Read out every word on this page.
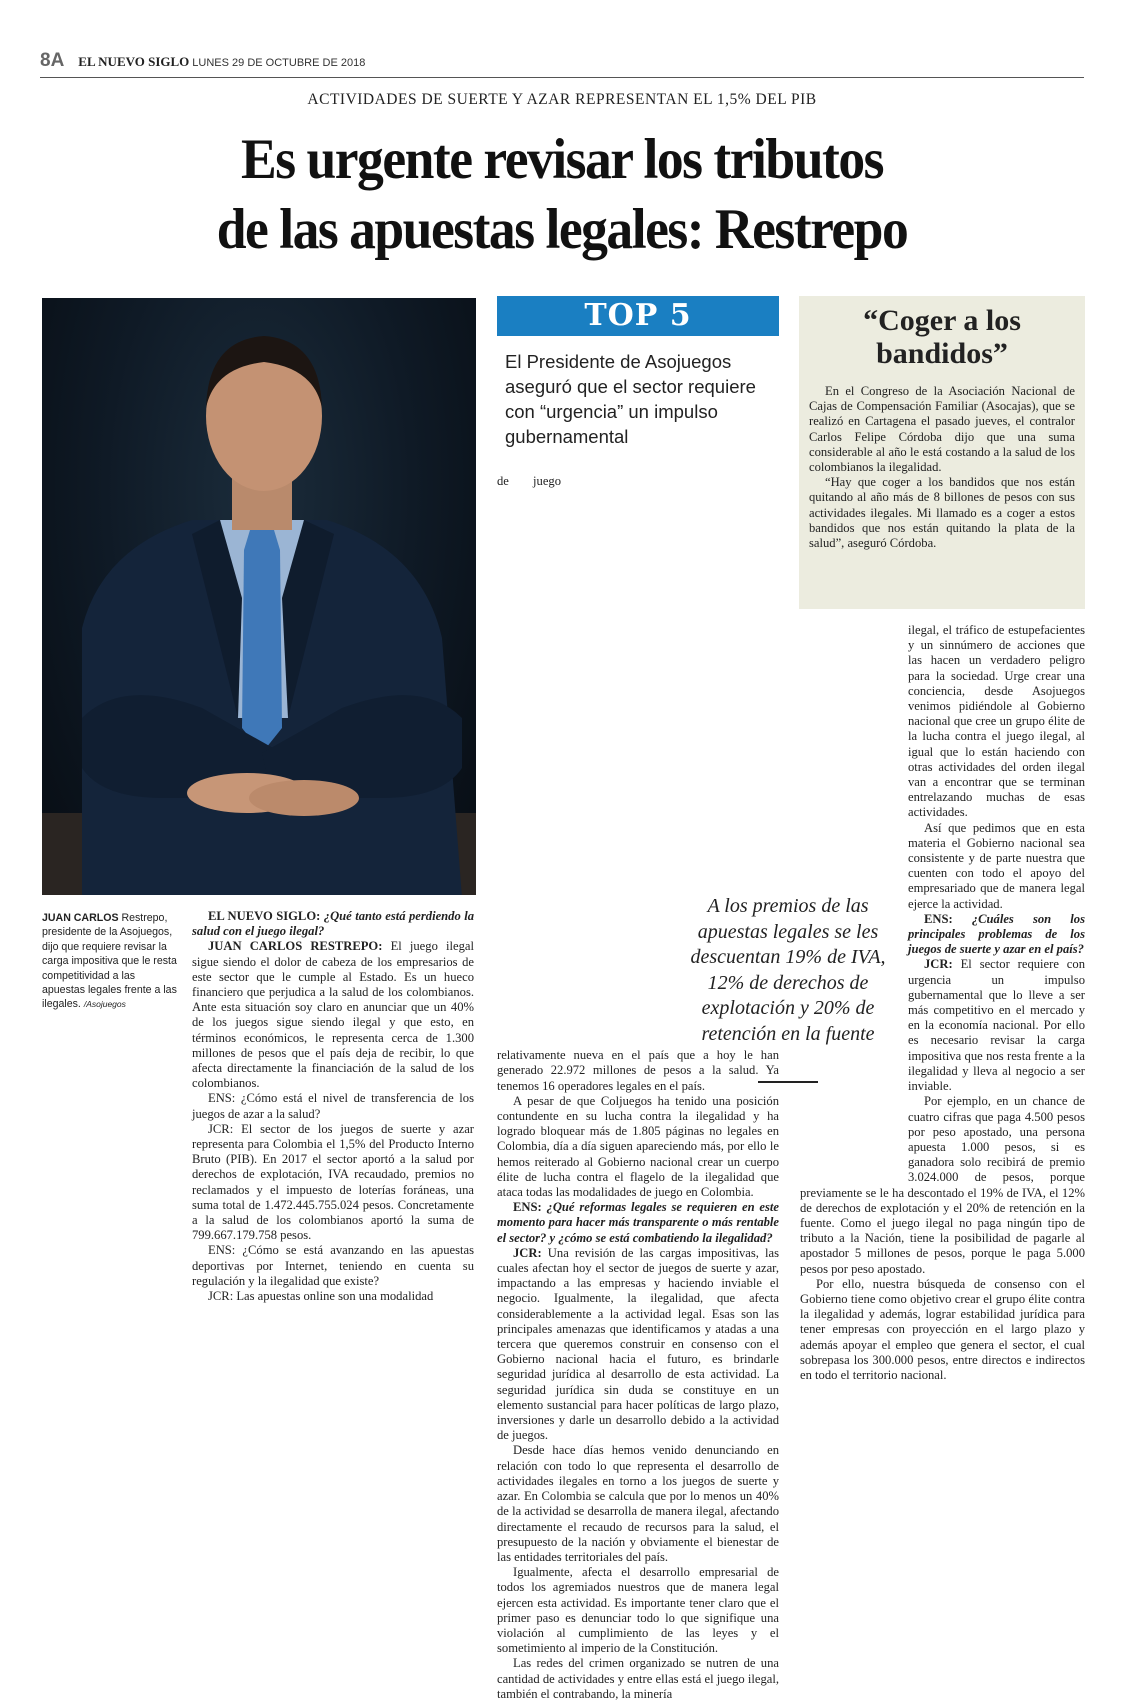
8A EL NUEVO SIGLO LUNES 29 DE OCTUBRE DE 2018
ACTIVIDADES DE SUERTE Y AZAR REPRESENTAN EL 1,5% DEL PIB
Es urgente revisar los tributos
de las apuestas legales: Restrepo
JUAN CARLOS Restrepo, presidente de la Asojuegos, dijo que requiere revisar la carga impositiva que le resta competitividad a las apuestas legales frente a las ilegales. /Asojuegos

EL NUEVO SIGLO: ¿Qué tanto está perdiendo la salud con el juego ilegal?

JUAN CARLOS RESTREPO: El juego ilegal sigue siendo el dolor de cabeza de los empresarios de este sector que le cumple al Estado. Es un hueco financiero que perjudica a la salud de los colombianos. Ante esta situación soy claro en anunciar que un 40% de los juegos sigue siendo ilegal y que esto, en términos económicos, le representa cerca de 1.300 millones de pesos que el país deja de recibir, lo que afecta directamente la financiación de la salud de los colombianos.

ENS: ¿Cómo está el nivel de transferencia de los juegos de azar a la salud?

JCR: El sector de los juegos de suerte y azar representa para Colombia el 1,5% del Producto Interno Bruto (PIB). En 2017 el sector aportó a la salud por derechos de explotación, IVA recaudado, premios no reclamados y el impuesto de loterías foráneas, una suma total de 1.472.445.755.024 pesos. Concretamente a la salud de los colombianos aportó la suma de 799.667.179.758 pesos.

ENS: ¿Cómo se está avanzando en las apuestas deportivas por Internet, teniendo en cuenta su regulación y la ilegalidad que existe?

JCR: Las apuestas online son una modalidad

TOP 5
El Presidente de Asojuegos aseguró que el sector requiere con “urgencia” un impulso gubernamental

de juego relativamente nueva en el país que a hoy le han generado 22.972 millones de pesos a la salud. Ya tenemos 16 operadores legales en el país.

A pesar de que Coljuegos ha tenido una posición contundente en su lucha contra la ilegalidad y ha logrado bloquear más de 1.805 páginas no legales en Colombia, día a día siguen apareciendo más, por ello le hemos reiterado al Gobierno nacional crear un cuerpo élite de lucha contra el flagelo de la ilegalidad que ataca todas las modalidades de juego en Colombia.

ENS: ¿Qué reformas legales se requieren en este momento para hacer más transparente o más rentable el sector? y ¿cómo se está combatiendo la ilegalidad?

JCR: Una revisión de las cargas impositivas, las cuales afectan hoy el sector de juegos de suerte y azar, impactando a las empresas y haciendo inviable el negocio. Igualmente, la ilegalidad, que afecta considerablemente a la actividad legal. Esas son las principales amenazas que identificamos y atadas a una tercera que queremos construir en consenso con el Gobierno nacional hacia el futuro, es brindarle seguridad jurídica al desarrollo de esta actividad. La seguridad jurídica sin duda se constituye en un elemento sustancial para hacer políticas de largo plazo, inversiones y darle un desarrollo debido a la actividad de juegos.

Desde hace días hemos venido denunciando en relación con todo lo que representa el desarrollo de actividades ilegales en torno a los juegos de suerte y azar. En Colombia se calcula que por lo menos un 40% de la actividad se desarrolla de manera ilegal, afectando directamente el recaudo de recursos para la salud, el presupuesto de la nación y obviamente el bienestar de las entidades territoriales del país.

Igualmente, afecta el desarrollo empresarial de todos los agremiados nuestros que de manera legal ejercen esta actividad. Es importante tener claro que el primer paso es denunciar todo lo que signifique una violación al cumplimiento de las leyes y el sometimiento al imperio de la Constitución.

Las redes del crimen organizado se nutren de una cantidad de actividades y entre ellas está el juego ilegal, también el contrabando, la minería

“Coger a los bandidos”

En el Congreso de la Asociación Nacional de Cajas de Compensación Familiar (Asocajas), que se realizó en Cartagena el pasado jueves, el contralor Carlos Felipe Córdoba dijo que una suma considerable al año le está costando a la salud de los colombianos la ilegalidad.

“Hay que coger a los bandidos que nos están quitando al año más de 8 billones de pesos con sus actividades ilegales. Mi llamado es a coger a estos bandidos que nos están quitando la plata de la salud”, aseguró Córdoba.

ilegal, el tráfico de estupefacientes y un sinnúmero de acciones que las hacen un verdadero peligro para la sociedad. Urge crear una conciencia, desde Asojuegos venimos pidiéndole al Gobierno nacional que cree un grupo élite de la lucha contra el juego ilegal, al igual que lo están haciendo con otras actividades del orden ilegal van a encontrar que se terminan entrelazando muchas de esas actividades.

Así que pedimos que en esta materia el Gobierno nacional sea consistente y de parte nuestra que cuenten con todo el apoyo del empresariado que de manera legal ejerce la actividad.

ENS: ¿Cuáles son los principales problemas de los juegos de suerte y azar en el país?

JCR: El sector requiere con urgencia un impulso gubernamental que lo lleve a ser más competitivo en el mercado y en la economía nacional. Por ello es necesario revisar la carga impositiva que nos resta frente a la ilegalidad y lleva al negocio a ser inviable.

Por ejemplo, en un chance de cuatro cifras que paga 4.500 pesos por peso apostado, una persona apuesta 1.000 pesos, si es ganadora solo recibirá de premio 3.024.000 de pesos, porque previamente se le ha descontado el 19% de IVA, el 12% de derechos de explotación y el 20% de retención en la fuente. Como el juego ilegal no paga ningún tipo de tributo a la Nación, tiene la posibilidad de pagarle al apostador 5 millones de pesos, porque le paga 5.000 pesos por peso apostado.

Por ello, nuestra búsqueda de consenso con el Gobierno tiene como objetivo crear el grupo élite contra la ilegalidad y además, lograr estabilidad jurídica para tener empresas con proyección en el largo plazo y además apoyar el empleo que genera el sector, el cual sobrepasa los 300.000 pesos, entre directos e indirectos en todo el territorio nacional.

A los premios de las apuestas legales se les descuentan 19% de IVA, 12% de derechos de explotación y 20% de retención en la fuente
